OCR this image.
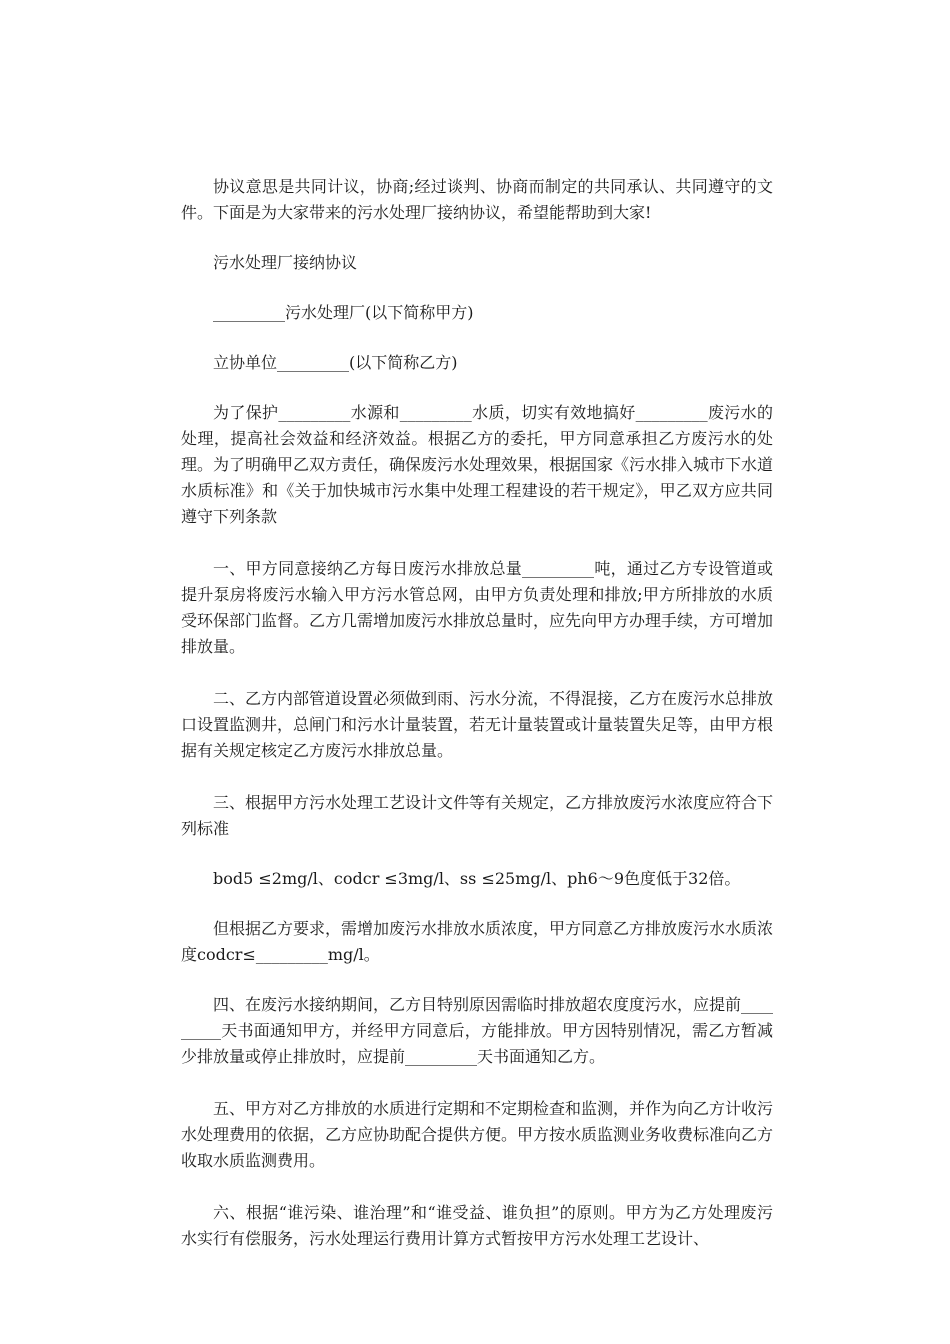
协议意思是共同计议，协商;经过谈判、协商而制定的共同承认、共同遵守的文件。下面是为大家带来的污水处理厂接纳协议，希望能帮助到大家!

污水处理厂接纳协议

_________污水处理厂(以下简称甲方)

立协单位_________(以下简称乙方)

为了保护_________水源和_________水质，切实有效地搞好_________废污水的处理，提高社会效益和经济效益。根据乙方的委托，甲方同意承担乙方废污水的处理。为了明确甲乙双方责任，确保废污水处理效果，根据国家《污水排入城市下水道水质标准》和《关于加快城市污水集中处理工程建设的若干规定》，甲乙双方应共同遵守下列条款

一、甲方同意接纳乙方每日废污水排放总量_________吨，通过乙方专设管道或提升泵房将废污水输入甲方污水管总网，由甲方负责处理和排放;甲方所排放的水质受环保部门监督。乙方几需增加废污水排放总量时，应先向甲方办理手续，方可增加排放量。

二、乙方内部管道设置必须做到雨、污水分流，不得混接，乙方在废污水总排放口设置监测井，总闸门和污水计量装置，若无计量装置或计量装置失足等，由甲方根据有关规定核定乙方废污水排放总量。

三、根据甲方污水处理工艺设计文件等有关规定，乙方排放废污水浓度应符合下列标准

bod5 ≤2mg/l、codcr ≤3mg/l、ss ≤25mg/l、ph6～9色度低于32倍。

但根据乙方要求，需增加废污水排放水质浓度，甲方同意乙方排放废污水水质浓度codcr≤_________mg/l。

四、在废污水接纳期间，乙方目特别原因需临时排放超农度度污水，应提前_________天书面通知甲方，并经甲方同意后，方能排放。甲方因特别情况，需乙方暂减少排放量或停止排放时，应提前_________天书面通知乙方。

五、甲方对乙方排放的水质进行定期和不定期检查和监测，并作为向乙方计收污水处理费用的依据，乙方应协助配合提供方便。甲方按水质监测业务收费标准向乙方收取水质监测费用。

六、根据“谁污染、谁治理”和“谁受益、谁负担”的原则。甲方为乙方处理废污水实行有偿服务，污水处理运行费用计算方式暂按甲方污水处理工艺设计、
